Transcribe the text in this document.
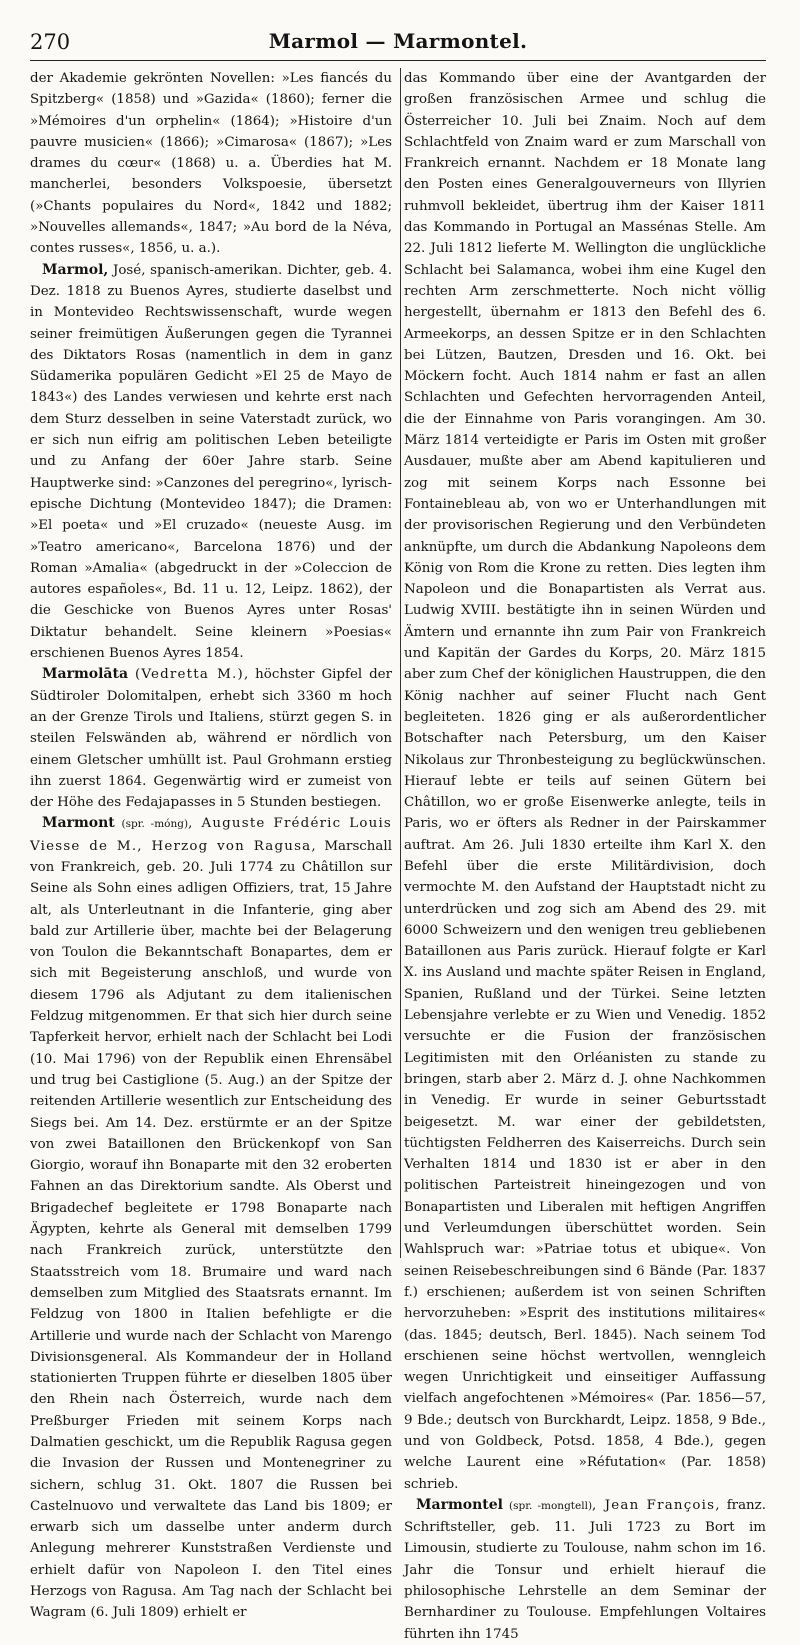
270	Marmol — Marmontel.

der Akademie gekrönten Novellen: »Les fiancés du Spitzberg« (1858) und »Gazida« (1860); ferner die »Mémoires d'un orphelin« (1864); »Histoire d'un pauvre musicien« (1866); »Cimarosa« (1867); »Les drames du cœur« (1868) u. a. Überdies hat M. mancherlei, besonders Volkspoesie, übersetzt (»Chants populaires du Nord«, 1842 und 1882; »Nouvelles allemands«, 1847; »Au bord de la Néva, contes russes«, 1856, u. a.).

Marmol, José, spanisch-amerikan. Dichter, geb. 4. Dez. 1818 zu Buenos Ayres, studierte daselbst und in Montevideo Rechtswissenschaft, wurde wegen seiner freimütigen Äußerungen gegen die Tyrannei des Diktators Rosas (namentlich in dem in ganz Südamerika populären Gedicht »El 25 de Mayo de 1843«) des Landes verwiesen und kehrte erst nach dem Sturz desselben in seine Vaterstadt zurück, wo er sich nun eifrig am politischen Leben beteiligte und zu Anfang der 60er Jahre starb. Seine Hauptwerke sind: »Canzones del peregrino«, lyrisch-epische Dichtung (Montevideo 1847); die Dramen: »El poeta« und »El cruzado« (neueste Ausg. im »Teatro americano«, Barcelona 1876) und der Roman »Amalia« (abgedruckt in der »Coleccion de autores españoles«, Bd. 11 u. 12, Leipz. 1862), der die Geschicke von Buenos Ayres unter Rosas' Diktatur behandelt. Seine kleinern »Poesias« erschienen Buenos Ayres 1854.

Marmolāta (Vedretta M.), höchster Gipfel der Südtiroler Dolomitalpen, erhebt sich 3360 m hoch an der Grenze Tirols und Italiens, stürzt gegen S. in steilen Felswänden ab, während er nördlich von einem Gletscher umhüllt ist. Paul Grohmann erstieg ihn zuerst 1864. Gegenwärtig wird er zumeist von der Höhe des Fedajapasses in 5 Stunden bestiegen.

Marmont (spr. -móng), Auguste Frédéric Louis Viesse de M., Herzog von Ragusa, Marschall von Frankreich, geb. 20. Juli 1774 zu Châtillon sur Seine als Sohn eines adligen Offiziers, trat, 15 Jahre alt, als Unterleutnant in die Infanterie, ging aber bald zur Artillerie über, machte bei der Belagerung von Toulon die Bekanntschaft Bonapartes, dem er sich mit Begeisterung anschloß, und wurde von diesem 1796 als Adjutant zu dem italienischen Feldzug mitgenommen. Er that sich hier durch seine Tapferkeit hervor, erhielt nach der Schlacht bei Lodi (10. Mai 1796) von der Republik einen Ehrensäbel und trug bei Castiglione (5. Aug.) an der Spitze der reitenden Artillerie wesentlich zur Entscheidung des Siegs bei. Am 14. Dez. erstürmte er an der Spitze von zwei Bataillonen den Brückenkopf von San Giorgio, worauf ihn Bonaparte mit den 32 eroberten Fahnen an das Direktorium sandte. Als Oberst und Brigadechef begleitete er 1798 Bonaparte nach Ägypten, kehrte als General mit demselben 1799 nach Frankreich zurück, unterstützte den Staatsstreich vom 18. Brumaire und ward nach demselben zum Mitglied des Staatsrats ernannt. Im Feldzug von 1800 in Italien befehligte er die Artillerie und wurde nach der Schlacht von Marengo Divisionsgeneral. Als Kommandeur der in Holland stationierten Truppen führte er dieselben 1805 über den Rhein nach Österreich, wurde nach dem Preßburger Frieden mit seinem Korps nach Dalmatien geschickt, um die Republik Ragusa gegen die Invasion der Russen und Montenegriner zu sichern, schlug 31. Okt. 1807 die Russen bei Castelnuovo und verwaltete das Land bis 1809; er erwarb sich um dasselbe unter anderm durch Anlegung mehrerer Kunststraßen Verdienste und erhielt dafür von Napoleon I. den Titel eines Herzogs von Ragusa. Am Tag nach der Schlacht bei Wagram (6. Juli 1809) erhielt er

das Kommando über eine der Avantgarden der großen französischen Armee und schlug die Österreicher 10. Juli bei Znaim. Noch auf dem Schlachtfeld von Znaim ward er zum Marschall von Frankreich ernannt. Nachdem er 18 Monate lang den Posten eines Generalgouverneurs von Illyrien ruhmvoll bekleidet, übertrug ihm der Kaiser 1811 das Kommando in Portugal an Massénas Stelle. Am 22. Juli 1812 lieferte M. Wellington die unglückliche Schlacht bei Salamanca, wobei ihm eine Kugel den rechten Arm zerschmetterte. Noch nicht völlig hergestellt, übernahm er 1813 den Befehl des 6. Armeekorps, an dessen Spitze er in den Schlachten bei Lützen, Bautzen, Dresden und 16. Okt. bei Möckern focht. Auch 1814 nahm er fast an allen Schlachten und Gefechten hervorragenden Anteil, die der Einnahme von Paris vorangingen. Am 30. März 1814 verteidigte er Paris im Osten mit großer Ausdauer, mußte aber am Abend kapitulieren und zog mit seinem Korps nach Essonne bei Fontainebleau ab, von wo er Unterhandlungen mit der provisorischen Regierung und den Verbündeten anknüpfte, um durch die Abdankung Napoleons dem König von Rom die Krone zu retten. Dies legten ihm Napoleon und die Bonapartisten als Verrat aus. Ludwig XVIII. bestätigte ihn in seinen Würden und Ämtern und ernannte ihn zum Pair von Frankreich und Kapitän der Gardes du Korps, 20. März 1815 aber zum Chef der königlichen Haustruppen, die den König nachher auf seiner Flucht nach Gent begleiteten. 1826 ging er als außerordentlicher Botschafter nach Petersburg, um den Kaiser Nikolaus zur Thronbesteigung zu beglückwünschen. Hierauf lebte er teils auf seinen Gütern bei Châtillon, wo er große Eisenwerke anlegte, teils in Paris, wo er öfters als Redner in der Pairskammer auftrat. Am 26. Juli 1830 erteilte ihm Karl X. den Befehl über die erste Militärdivision, doch vermochte M. den Aufstand der Hauptstadt nicht zu unterdrücken und zog sich am Abend des 29. mit 6000 Schweizern und den wenigen treu gebliebenen Bataillonen aus Paris zurück. Hierauf folgte er Karl X. ins Ausland und machte später Reisen in England, Spanien, Rußland und der Türkei. Seine letzten Lebensjahre verlebte er zu Wien und Venedig. 1852 versuchte er die Fusion der französischen Legitimisten mit den Orléanisten zu stande zu bringen, starb aber 2. März d. J. ohne Nachkommen in Venedig. Er wurde in seiner Geburtsstadt beigesetzt. M. war einer der gebildetsten, tüchtigsten Feldherren des Kaiserreichs. Durch sein Verhalten 1814 und 1830 ist er aber in den politischen Parteistreit hineingezogen und von Bonapartisten und Liberalen mit heftigen Angriffen und Verleumdungen überschüttet worden. Sein Wahlspruch war: »Patriae totus et ubique«. Von seinen Reisebeschreibungen sind 6 Bände (Par. 1837 f.) erschienen; außerdem ist von seinen Schriften hervorzuheben: »Esprit des institutions militaires« (das. 1845; deutsch, Berl. 1845). Nach seinem Tod erschienen seine höchst wertvollen, wenngleich wegen Unrichtigkeit und einseitiger Auffassung vielfach angefochtenen »Mémoires« (Par. 1856—57, 9 Bde.; deutsch von Burckhardt, Leipz. 1858, 9 Bde., und von Goldbeck, Potsd. 1858, 4 Bde.), gegen welche Laurent eine »Réfutation« (Par. 1858) schrieb.

Marmontel (spr. -mongtell), Jean François, franz. Schriftsteller, geb. 11. Juli 1723 zu Bort im Limousin, studierte zu Toulouse, nahm schon im 16. Jahr die Tonsur und erhielt hierauf die philosophische Lehrstelle an dem Seminar der Bernhardiner zu Toulouse. Empfehlungen Voltaires führten ihn 1745
